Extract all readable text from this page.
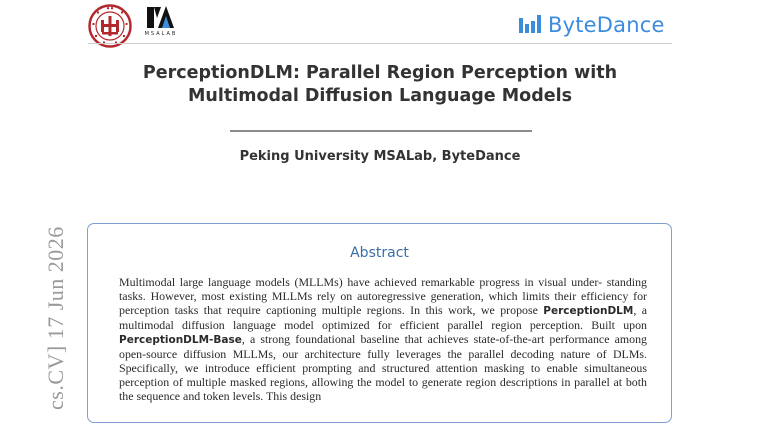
MSALAB	ByteDance
PerceptionDLM: Parallel Region Perception with
Multimodal Diffusion Language Models
Peking University MSALab, ByteDance
cs.CV] 17 Jun 2026	Abstract
Multimodal large language models (MLLMs) have achieved remarkable progress in visual under- standing tasks. However, most existing MLLMs rely on autoregressive generation, which limits their efficiency for perception tasks that require captioning multiple regions. In this work, we propose PerceptionDLM, a multimodal diffusion language model optimized for efficient parallel region perception. Built upon PerceptionDLM-Base, a strong foundational baseline that achieves state-of-the-art performance among open-source diffusion MLLMs, our architecture fully leverages the parallel decoding nature of DLMs. Specifically, we introduce efficient prompting and structured attention masking to enable simultaneous perception of multiple masked regions, allowing the model to generate region descriptions in parallel at both the sequence and token levels. This design
